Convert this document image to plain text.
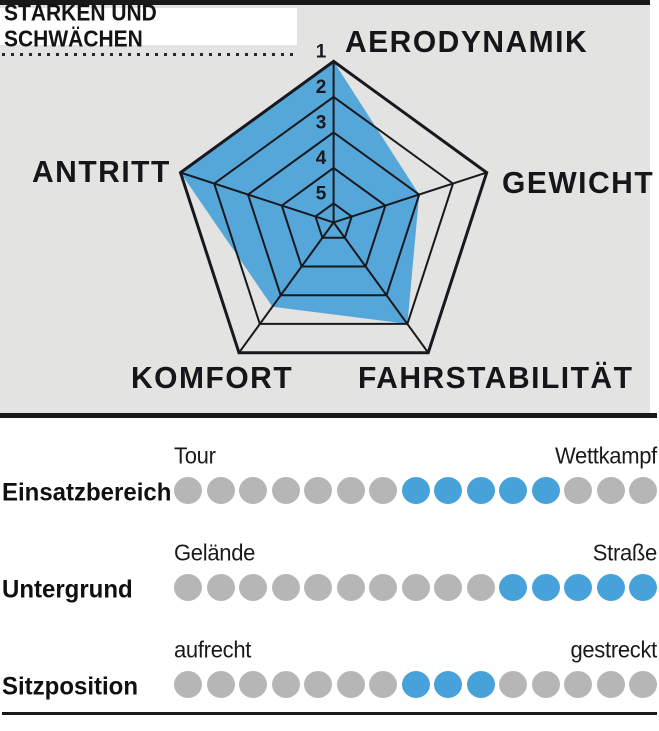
STÄRKEN UND SCHWÄCHEN
1
2
3
4
5
AERODYNAMIK
GEWICHT
FAHRSTABILITÄT
KOMFORT
ANTRITT
Tour	Wettkampf
Einsatzbereich
Gelände	Straße
Untergrund
aufrecht	gestreckt
Sitzposition
